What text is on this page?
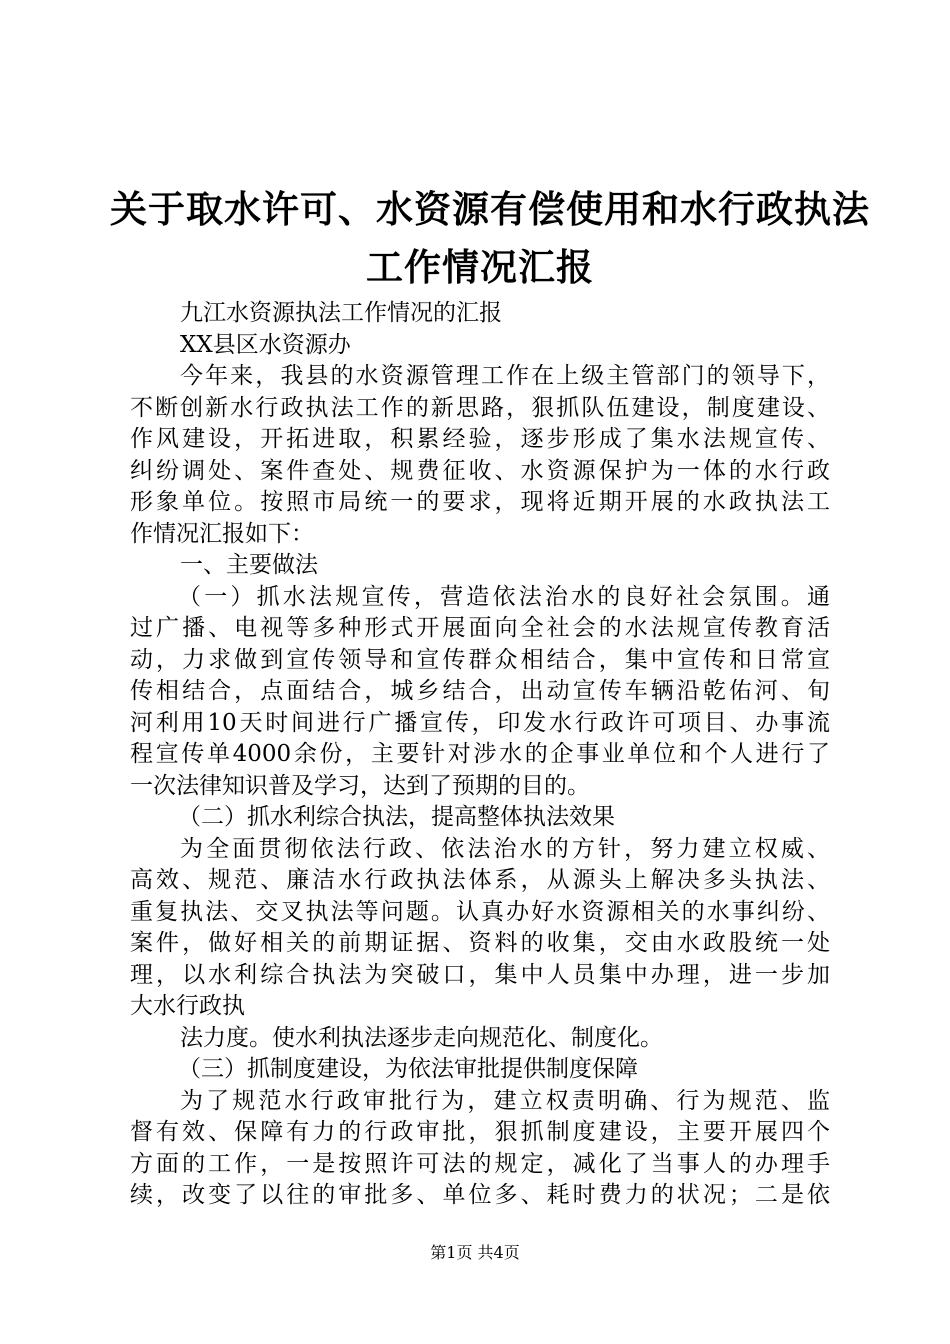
关于取水许可、水资源有偿使用和水行政执法
工作情况汇报
九江水资源执法工作情况的汇报
XX县区水资源办
今年来，我县的水资源管理工作在上级主管部门的领导下，
不断创新水行政执法工作的新思路，狠抓队伍建设，制度建设、
作风建设，开拓进取，积累经验，逐步形成了集水法规宣传、
纠纷调处、案件查处、规费征收、水资源保护为一体的水行政
形象单位。按照市局统一的要求，现将近期开展的水政执法工
作情况汇报如下：
一、主要做法
（一）抓水法规宣传，营造依法治水的良好社会氛围。通
过广播、电视等多种形式开展面向全社会的水法规宣传教育活
动，力求做到宣传领导和宣传群众相结合，集中宣传和日常宣
传相结合，点面结合，城乡结合，出动宣传车辆沿乾佑河、旬
河利用10天时间进行广播宣传，印发水行政许可项目、办事流
程宣传单4000余份，主要针对涉水的企事业单位和个人进行了
一次法律知识普及学习，达到了预期的目的。
（二）抓水利综合执法，提高整体执法效果
为全面贯彻依法行政、依法治水的方针，努力建立权威、
高效、规范、廉洁水行政执法体系，从源头上解决多头执法、
重复执法、交叉执法等问题。认真办好水资源相关的水事纠纷、
案件，做好相关的前期证据、资料的收集，交由水政股统一处
理，以水利综合执法为突破口，集中人员集中办理，进一步加
大水行政执
法力度。使水利执法逐步走向规范化、制度化。
（三）抓制度建设，为依法审批提供制度保障
为了规范水行政审批行为，建立权责明确、行为规范、监
督有效、保障有力的行政审批，狠抓制度建设，主要开展四个
方面的工作，一是按照许可法的规定，减化了当事人的办理手
续，改变了以往的审批多、单位多、耗时费力的状况；二是依
第1页 共4页
